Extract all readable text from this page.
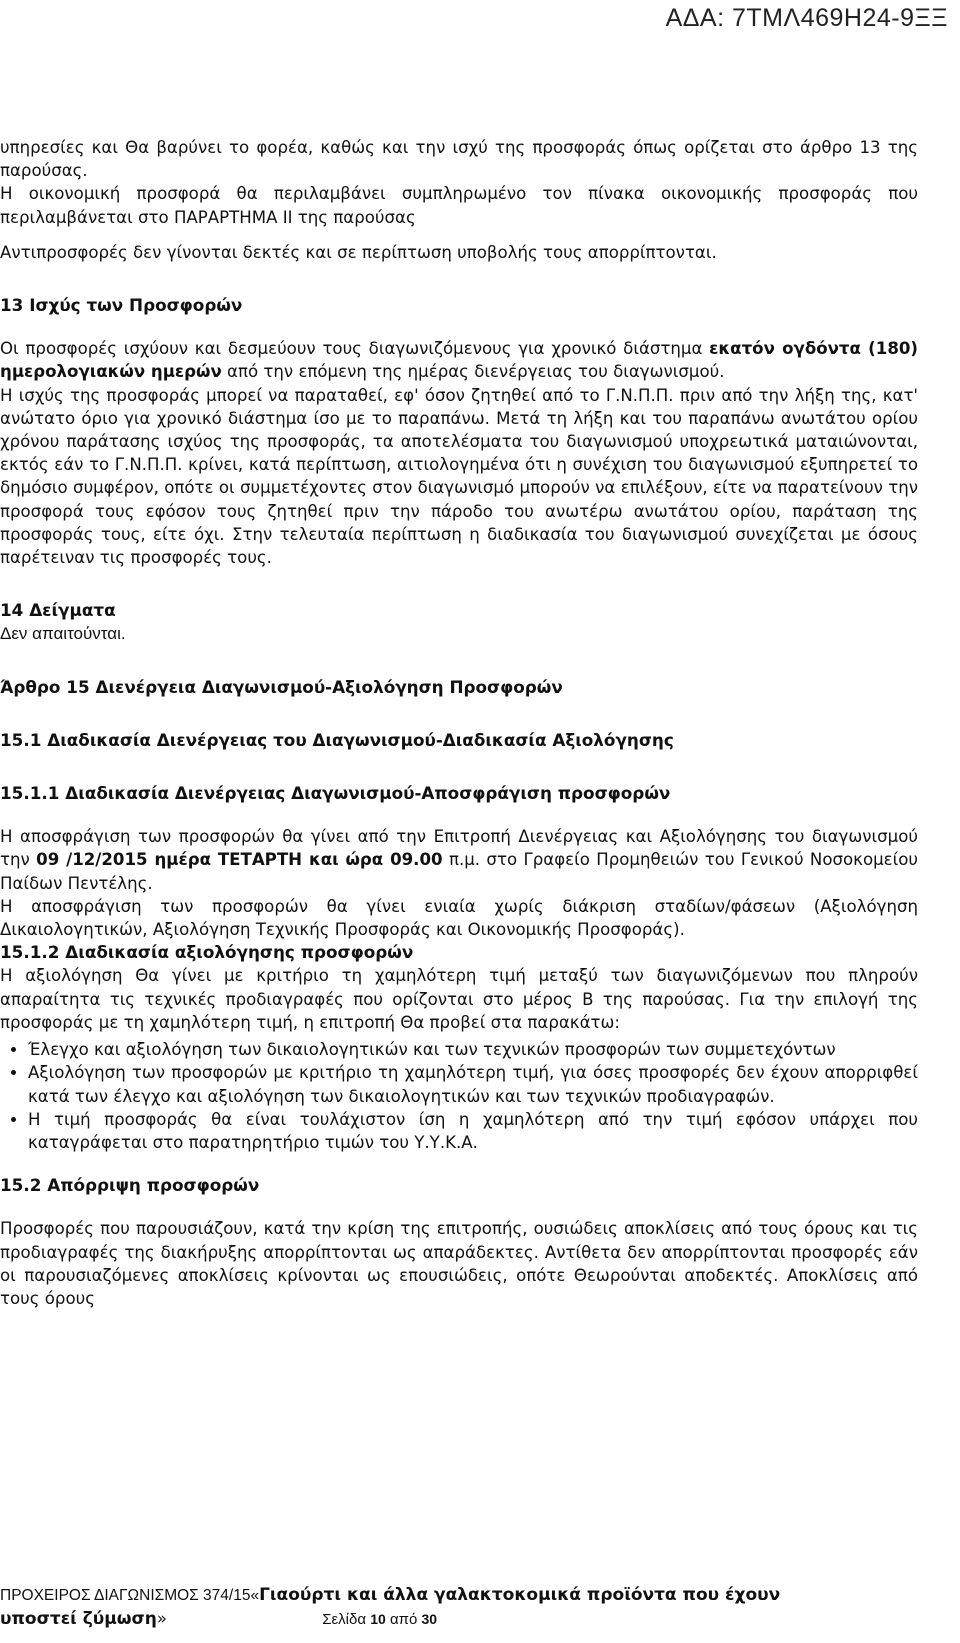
ΑΔΑ: 7ΤΜΛ469Η24-9ΞΞ

υπηρεσίες και Θα βαρύνει το φορέα, καθώς και την ισχύ της προσφοράς όπως ορίζεται στο άρθρο 13 της παρούσας.

Η οικονομική προσφορά θα περιλαμβάνει συμπληρωμένο τον πίνακα οικονομικής προσφοράς που περιλαμβάνεται στο ΠΑΡΑΡΤΗΜΑ ΙΙ της παρούσας

Αντιπροσφορές δεν γίνονται δεκτές και σε περίπτωση υποβολής τους απορρίπτονται.

13 Ισχύς των Προσφορών

Οι προσφορές ισχύουν και δεσμεύουν τους διαγωνιζόμενους για χρονικό διάστημα εκατόν ογδόντα (180) ημερολογιακών ημερών από την επόμενη της ημέρας διενέργειας του διαγωνισμού.

Η ισχύς της προσφοράς μπορεί να παραταθεί, εφ' όσον ζητηθεί από το Γ.Ν.Π.Π. πριν από την λήξη της, κατ' ανώτατο όριο για χρονικό διάστημα ίσο με το παραπάνω. Μετά τη λήξη και του παραπάνω ανωτάτου ορίου χρόνου παράτασης ισχύος της προσφοράς, τα αποτελέσματα του διαγωνισμού υποχρεωτικά ματαιώνονται, εκτός εάν το Γ.Ν.Π.Π. κρίνει, κατά περίπτωση, αιτιολογημένα ότι η συνέχιση του διαγωνισμού εξυπηρετεί το δημόσιο συμφέρον, οπότε οι συμμετέχοντες στον διαγωνισμό μπορούν να επιλέξουν, είτε να παρατείνουν την προσφορά τους εφόσον τους ζητηθεί πριν την πάροδο του ανωτέρω ανωτάτου ορίου, παράταση της προσφοράς τους, είτε όχι. Στην τελευταία περίπτωση η διαδικασία του διαγωνισμού συνεχίζεται με όσους παρέτειναν τις προσφορές τους.

14 Δείγματα

Δεν απαιτούνται.

Άρθρο 15 Διενέργεια Διαγωνισμού-Αξιολόγηση Προσφορών

15.1 Διαδικασία Διενέργειας του Διαγωνισμού-Διαδικασία Αξιολόγησης

15.1.1 Διαδικασία Διενέργειας Διαγωνισμού-Αποσφράγιση προσφορών

Η αποσφράγιση των προσφορών θα γίνει από την Επιτροπή Διενέργειας και Αξιολόγησης του διαγωνισμού την 09 /12/2015 ημέρα ΤΕΤΑΡΤΗ και ώρα 09.00 π.μ. στο Γραφείο Προμηθειών του Γενικού Νοσοκομείου Παίδων Πεντέλης.

Η αποσφράγιση των προσφορών θα γίνει ενιαία χωρίς διάκριση σταδίων/φάσεων (Αξιολόγηση Δικαιολογητικών, Αξιολόγηση Τεχνικής Προσφοράς και Οικονομικής Προσφοράς).

15.1.2 Διαδικασία αξιολόγησης προσφορών

Η αξιολόγηση Θα γίνει με κριτήριο τη χαμηλότερη τιμή μεταξύ των διαγωνιζόμενων που πληρούν απαραίτητα τις τεχνικές προδιαγραφές που ορίζονται στο μέρος Β της παρούσας. Για την επιλογή της προσφοράς με τη χαμηλότερη τιμή, η επιτροπή Θα προβεί στα παρακάτω:

• Έλεγχο και αξιολόγηση των δικαιολογητικών και των τεχνικών προσφορών των συμμετεχόντων
• Αξιολόγηση των προσφορών με κριτήριο τη χαμηλότερη τιμή, για όσες προσφορές δεν έχουν απορριφθεί κατά των έλεγχο και αξιολόγηση των δικαιολογητικών και των τεχνικών προδιαγραφών.
• Η τιμή προσφοράς θα είναι τουλάχιστον ίση η χαμηλότερη από την τιμή εφόσον υπάρχει που καταγράφεται στο παρατηρητήριο τιμών του Υ.Υ.Κ.Α.

15.2 Απόρριψη προσφορών

Προσφορές που παρουσιάζουν, κατά την κρίση της επιτροπής, ουσιώδεις αποκλίσεις από τους όρους και τις προδιαγραφές της διακήρυξης απορρίπτονται ως απαράδεκτες. Αντίθετα δεν απορρίπτονται προσφορές εάν οι παρουσιαζόμενες αποκλίσεις κρίνονται ως επουσιώδεις, οπότε Θεωρούνται αποδεκτές. Αποκλίσεις από τους όρους

ΠΡΟΧΕΙΡΟΣ ΔΙΑΓΩΝΙΣΜΟΣ 374/15«Γιαούρτι και άλλα γαλακτοκομικά προϊόντα που έχουν
υποστεί ζύμωση»	Σελίδα 10 από 30
